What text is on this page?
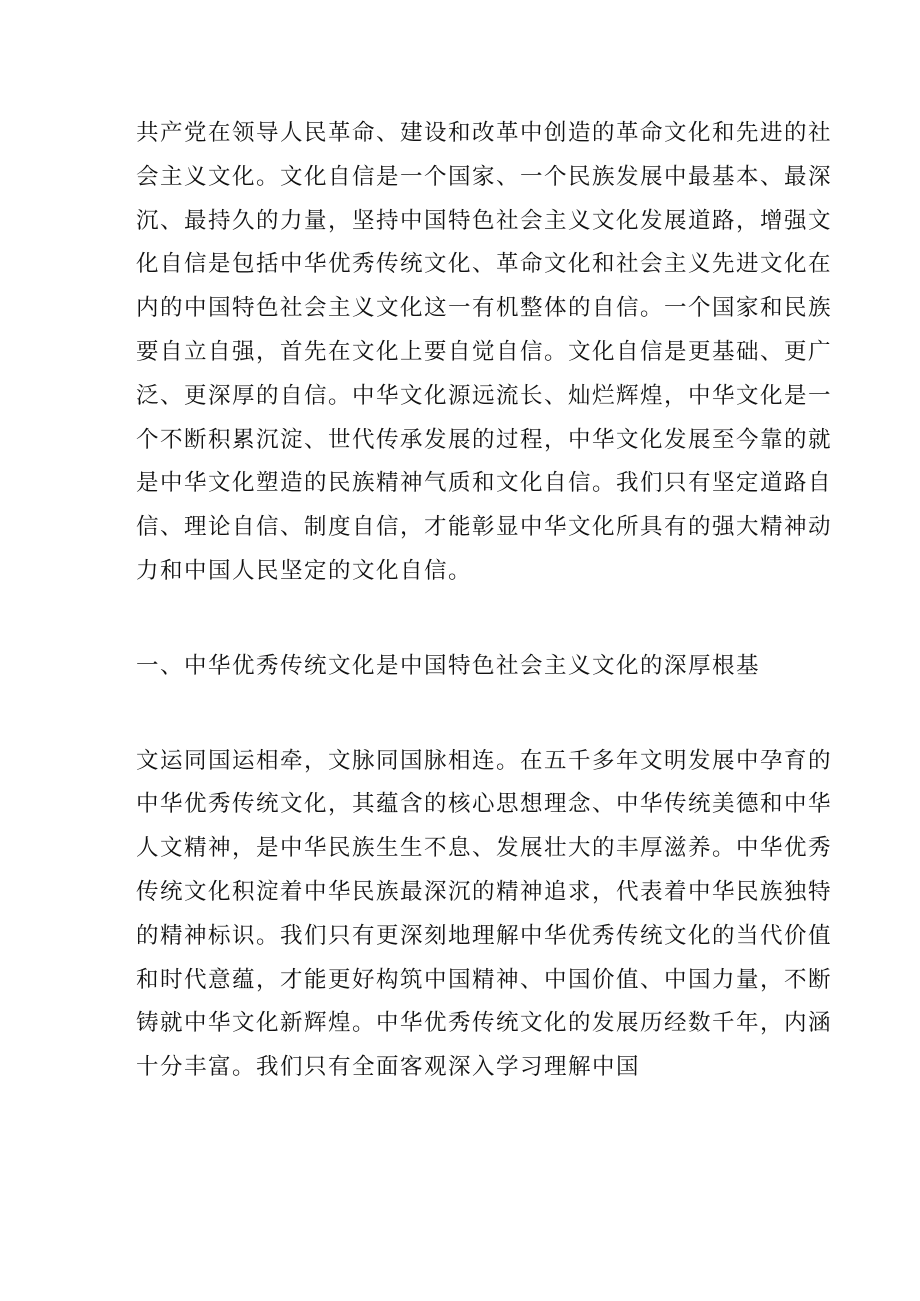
共产党在领导人民革命、建设和改革中创造的革命文化和先进的社会主义文化。文化自信是一个国家、一个民族发展中最基本、最深沉、最持久的力量，坚持中国特色社会主义文化发展道路，增强文化自信是包括中华优秀传统文化、革命文化和社会主义先进文化在内的中国特色社会主义文化这一有机整体的自信。一个国家和民族要自立自强，首先在文化上要自觉自信。文化自信是更基础、更广泛、更深厚的自信。中华文化源远流长、灿烂辉煌，中华文化是一个不断积累沉淀、世代传承发展的过程，中华文化发展至今靠的就是中华文化塑造的民族精神气质和文化自信。我们只有坚定道路自信、理论自信、制度自信，才能彰显中华文化所具有的强大精神动力和中国人民坚定的文化自信。

一、中华优秀传统文化是中国特色社会主义文化的深厚根基

文运同国运相牵，文脉同国脉相连。在五千多年文明发展中孕育的中华优秀传统文化，其蕴含的核心思想理念、中华传统美德和中华人文精神，是中华民族生生不息、发展壮大的丰厚滋养。中华优秀传统文化积淀着中华民族最深沉的精神追求，代表着中华民族独特的精神标识。我们只有更深刻地理解中华优秀传统文化的当代价值和时代意蕴，才能更好构筑中国精神、中国价值、中国力量，不断铸就中华文化新辉煌。中华优秀传统文化的发展历经数千年，内涵十分丰富。我们只有全面客观深入学习理解中国
